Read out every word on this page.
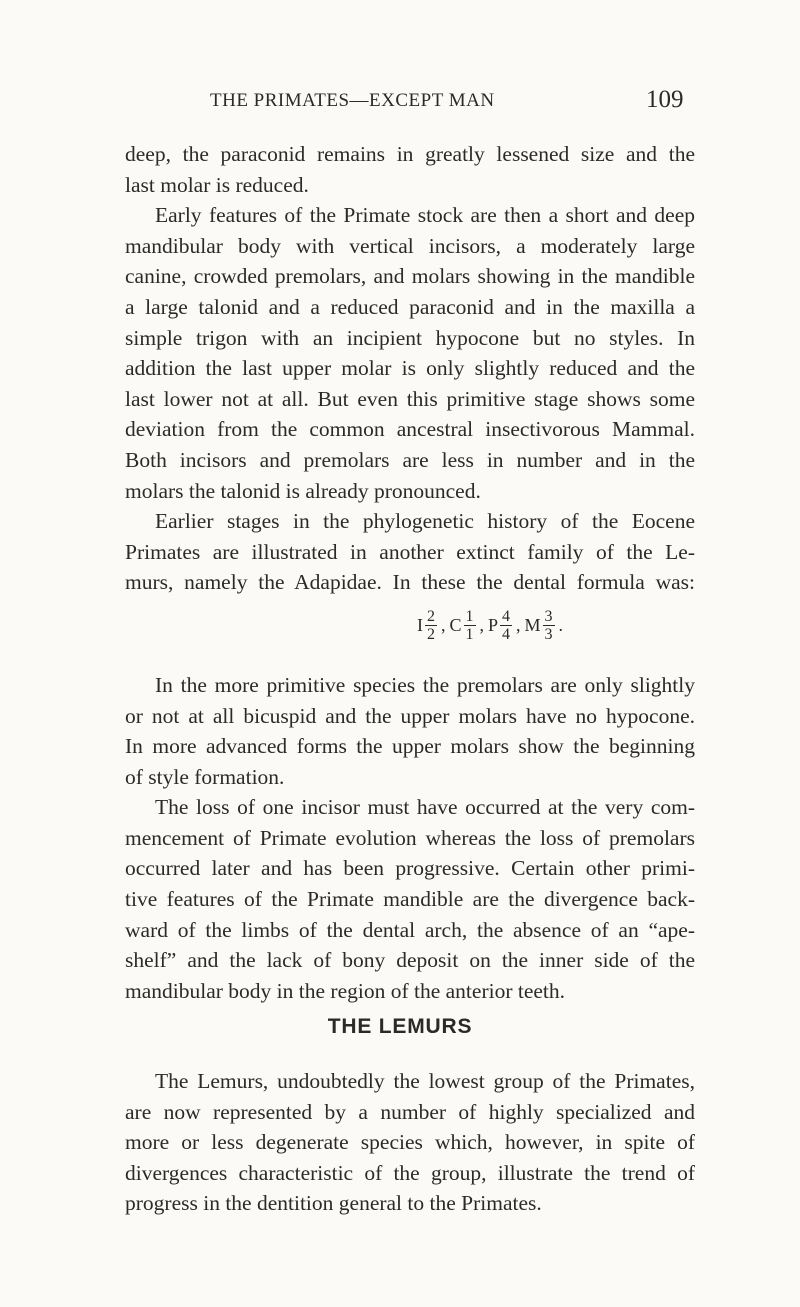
THE PRIMATES—EXCEPT MAN	109
deep, the paraconid remains in greatly lessened size and the
last molar is reduced.
Early features of the Primate stock are then a short and deep
mandibular body with vertical incisors, a moderately large
canine, crowded premolars, and molars showing in the mandible
a large talonid and a reduced paraconid and in the maxilla a
simple trigon with an incipient hypocone but no styles. In
addition the last upper molar is only slightly reduced and the
last lower not at all. But even this primitive stage shows some
deviation from the common ancestral insectivorous Mammal.
Both incisors and premolars are less in number and in the
molars the talonid is already pronounced.
Earlier stages in the phylogenetic history of the Eocene
Primates are illustrated in another extinct family of the Le-
murs, namely the Adapidae. In these the dental formula was:
I $\frac{2}{2}$ , C $\frac{1}{1}$ , P $\frac{4}{4}$ , M $\frac{3}{3}$ .
In the more primitive species the premolars are only slightly
or not at all bicuspid and the upper molars have no hypocone.
In more advanced forms the upper molars show the beginning
of style formation.
The loss of one incisor must have occurred at the very com-
mencement of Primate evolution whereas the loss of premolars
occurred later and has been progressive. Certain other primi-
tive features of the Primate mandible are the divergence back-
ward of the limbs of the dental arch, the absence of an “ape-
shelf” and the lack of bony deposit on the inner side of the
mandibular body in the region of the anterior teeth.
THE LEMURS
The Lemurs, undoubtedly the lowest group of the Primates,
are now represented by a number of highly specialized and
more or less degenerate species which, however, in spite of
divergences characteristic of the group, illustrate the trend of
progress in the dentition general to the Primates.
